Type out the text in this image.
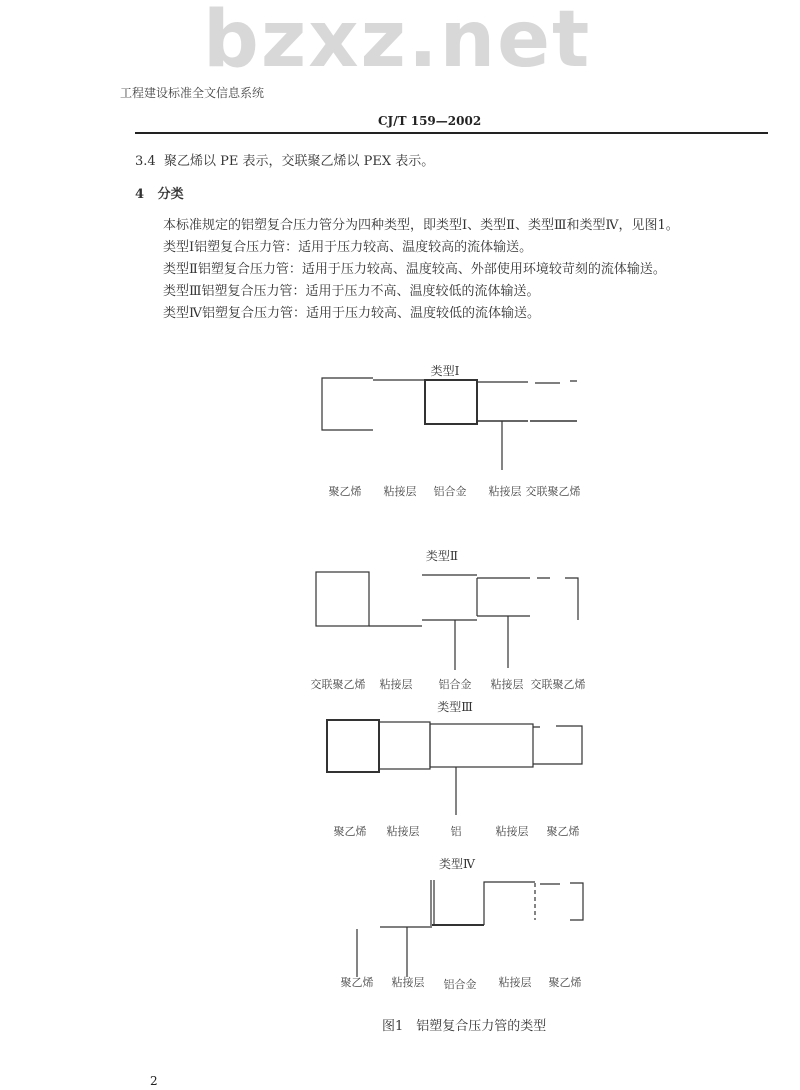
bzxz.net
工程建设标准全文信息系统
CJ/T 159—2002
3.4 聚乙烯以 PE 表示，交联聚乙烯以 PEX 表示。
4 分类
本标准规定的铝塑复合压力管分为四种类型，即类型Ⅰ、类型Ⅱ、类型Ⅲ和类型Ⅳ，见图1。
类型Ⅰ铝塑复合压力管：适用于压力较高、温度较高的流体输送。
类型Ⅱ铝塑复合压力管：适用于压力较高、温度较高、外部使用环境较苛刻的流体输送。
类型Ⅲ铝塑复合压力管：适用于压力不高、温度较低的流体输送。
类型Ⅳ铝塑复合压力管：适用于压力较高、温度较低的流体输送。
类型Ⅰ
聚乙烯 粘接层 铝合金 粘接层 交联聚乙烯
类型Ⅱ
交联聚乙烯 粘接层 铝合金 粘接层 交联聚乙烯
类型Ⅲ
聚乙烯 粘接层	铝	粘接层 聚乙烯
类型Ⅳ
聚乙烯 粘接层 铝合金 粘接层 聚乙烯
图1　铝塑复合压力管的类型
2
